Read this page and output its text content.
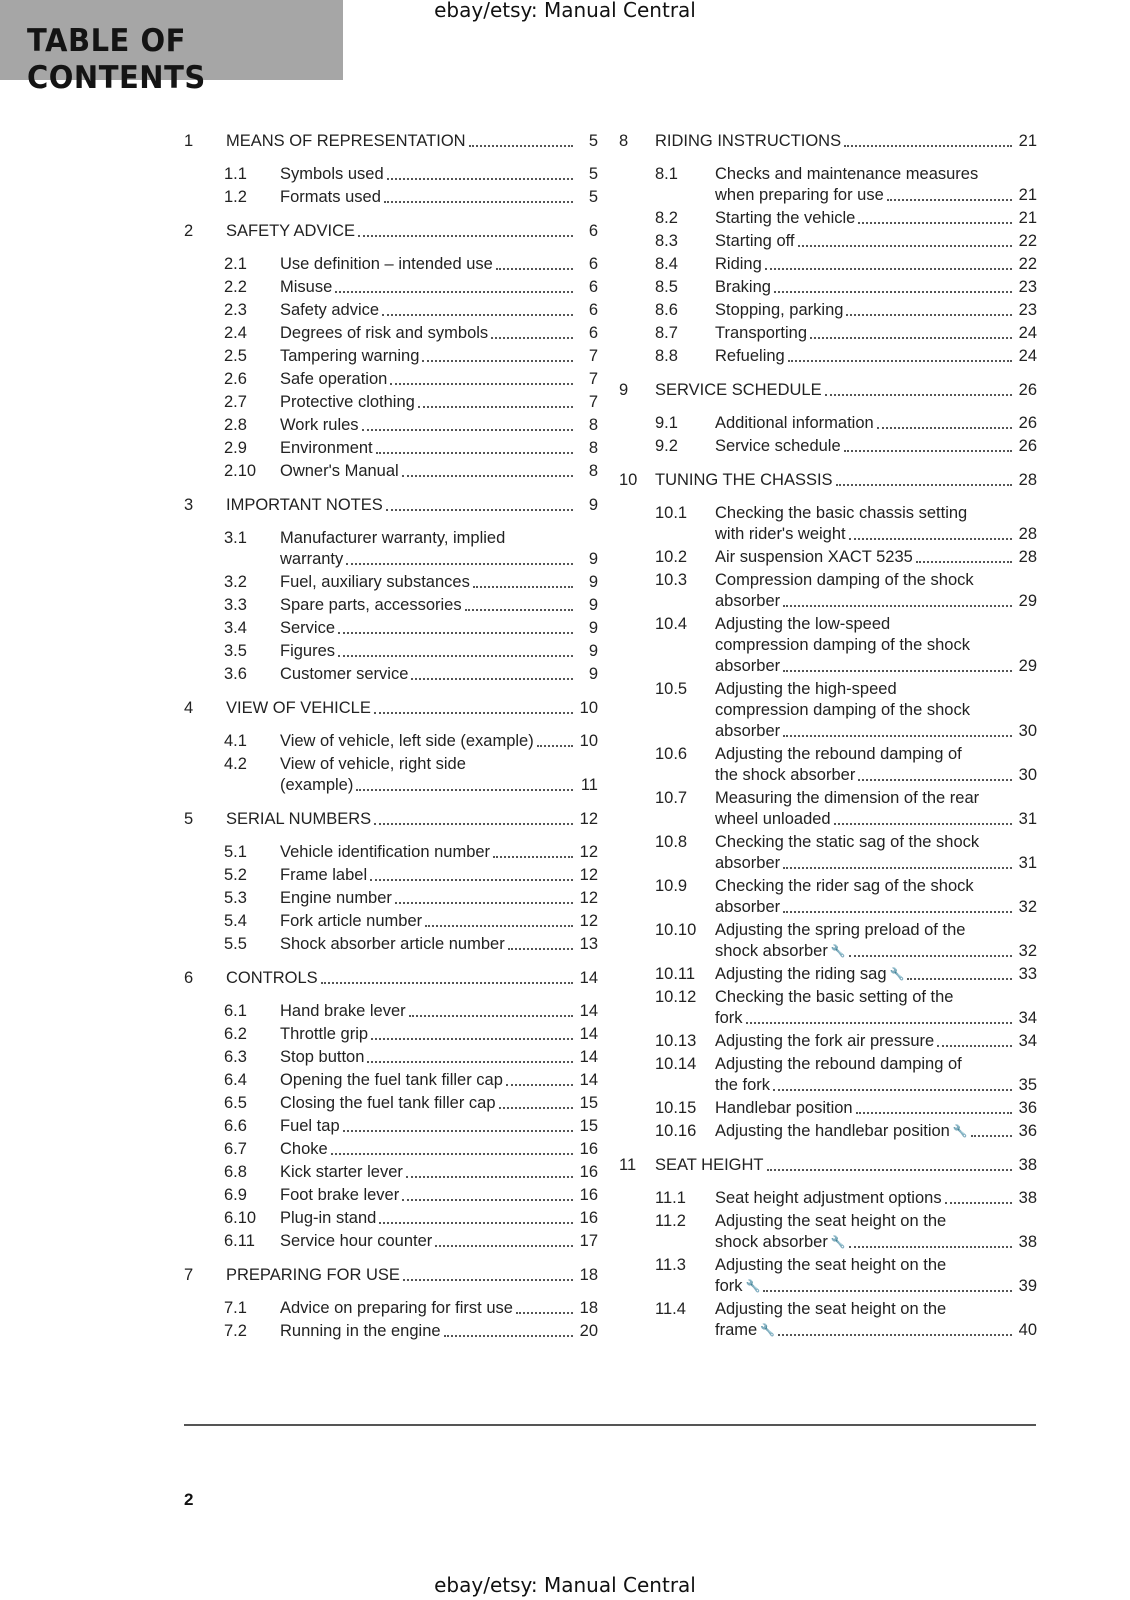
TABLE OF CONTENTS
ebay/etsy: Manual Central
1	MEANS OF REPRESENTATION	5
1.1 Symbols used	5
1.2 Formats used	5
2	SAFETY ADVICE	6
2.1 Use definition – intended use	6
2.2 Misuse	6
2.3 Safety advice	6
2.4 Degrees of risk and symbols	6
2.5 Tampering warning	7
2.6 Safe operation	7
2.7 Protective clothing	7
2.8 Work rules	8
2.9 Environment	8
2.10 Owner's Manual	8
3	IMPORTANT NOTES	9
3.1 Manufacturer warranty, implied
warranty	9
3.2 Fuel, auxiliary substances	9
3.3 Spare parts, accessories	9
3.4 Service	9
3.5 Figures	9
3.6 Customer service	9
4	VIEW OF VEHICLE	10
4.1 View of vehicle, left side (example)	10
4.2 View of vehicle, right side
(example)	11
5	SERIAL NUMBERS	12
5.1 Vehicle identification number	12
5.2 Frame label	12
5.3 Engine number	12
5.4 Fork article number	12
5.5 Shock absorber article number	13
6	CONTROLS	14
6.1 Hand brake lever	14
6.2 Throttle grip	14
6.3 Stop button	14
6.4 Opening the fuel tank filler cap	14
6.5 Closing the fuel tank filler cap	15
6.6 Fuel tap	15
6.7 Choke	16
6.8 Kick starter lever	16
6.9 Foot brake lever	16
6.10 Plug-in stand	16
6.11 Service hour counter	17
7	PREPARING FOR USE	18
7.1 Advice on preparing for first use	18
7.2 Running in the engine	20
8	RIDING INSTRUCTIONS	21
8.1 Checks and maintenance measures
when preparing for use	21
8.2 Starting the vehicle	21
8.3 Starting off	22
8.4 Riding	22
8.5 Braking	23
8.6 Stopping, parking	23
8.7 Transporting	24
8.8 Refueling	24
9	SERVICE SCHEDULE	26
9.1 Additional information	26
9.2 Service schedule	26
10	TUNING THE CHASSIS	28
10.1 Checking the basic chassis setting
with rider's weight	28
10.2 Air suspension XACT 5235	28
10.3 Compression damping of the shock
absorber	29
10.4 Adjusting the low-speed
compression damping of the shock
absorber	29
10.5 Adjusting the high-speed
compression damping of the shock
absorber	30
10.6 Adjusting the rebound damping of
the shock absorber	30
10.7 Measuring the dimension of the rear
wheel unloaded	31
10.8 Checking the static sag of the shock
absorber	31
10.9 Checking the rider sag of the shock
absorber	32
10.10 Adjusting the spring preload of the
shock absorber 🔧	32
10.11 Adjusting the riding sag 🔧	33
10.12 Checking the basic setting of the
fork	34
10.13 Adjusting the fork air pressure	34
10.14 Adjusting the rebound damping of
the fork	35
10.15 Handlebar position	36
10.16 Adjusting the handlebar position 🔧	36
11	SEAT HEIGHT	38
11.1 Seat height adjustment options	38
11.2 Adjusting the seat height on the
shock absorber 🔧	38
11.3 Adjusting the seat height on the
fork 🔧	39
11.4 Adjusting the seat height on the
frame 🔧	40
2
ebay/etsy: Manual Central
